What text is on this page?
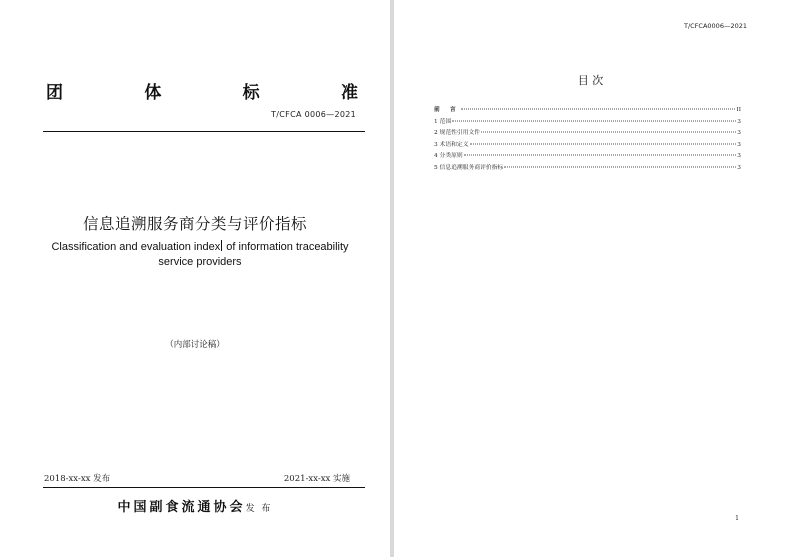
团	体	标	准
T/CFCA 0006—2021
信息追溯服务商分类与评价指标
Classification and evaluation index of information traceability service providers
（内部讨论稿）
2018-xx-xx 发布	2021-xx-xx 实施
中国副食流通协会发 布
T/CFCA0006—2021
目 次
前 言	II
1 范围	3
2 规范性引用文件	3
3 术语和定义	3
4 分类原则	3
5 信息追溯服务商评价指标	3
1
